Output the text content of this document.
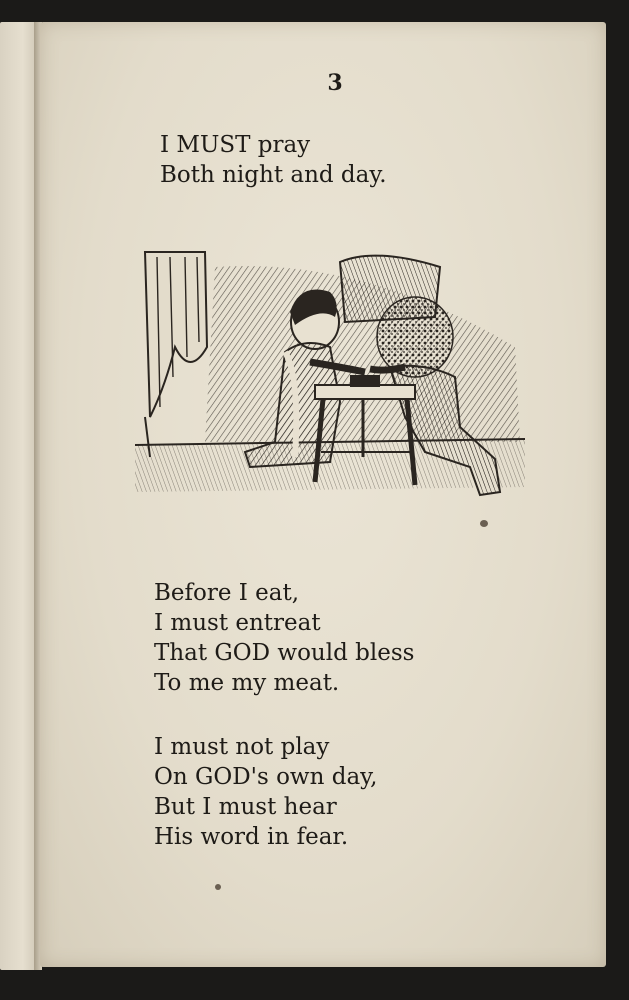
3
I MUST pray
Both night and day.
Before I eat,
I must entreat
That GOD would bless
To me my meat.
I must not play
On GOD's own day,
But I must hear
His word in fear.
